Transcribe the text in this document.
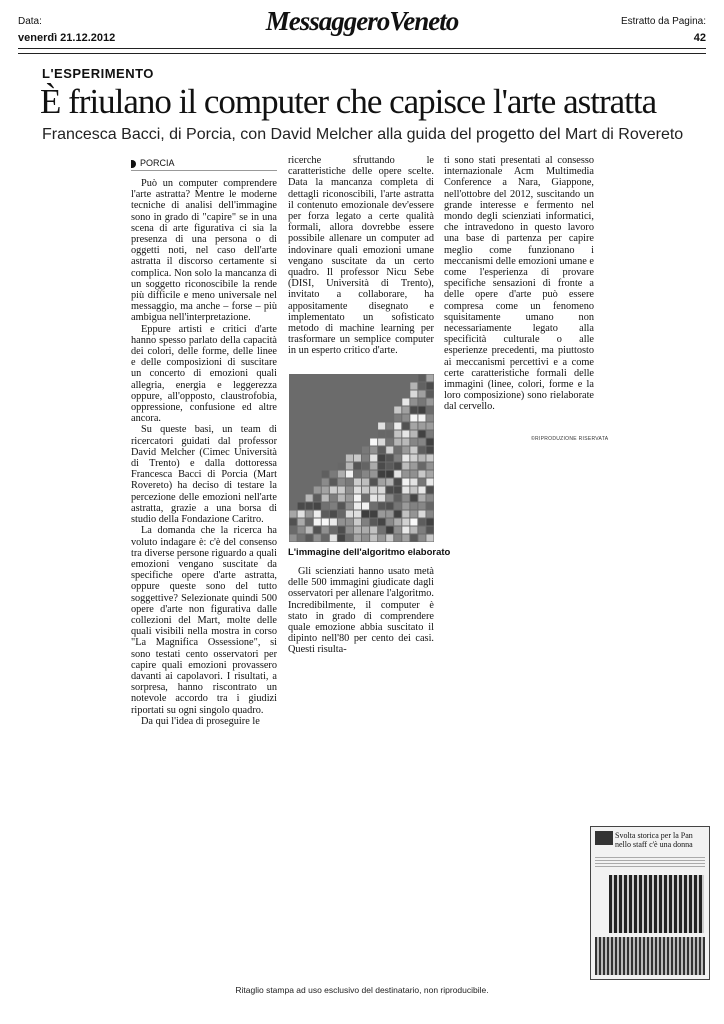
Data:
venerdì 21.12.2012
MessaggeroVeneto	Estratto da Pagina:
42
L'ESPERIMENTO
È friulano il computer che capisce l'arte astratta
Francesca Bacci, di Porcia, con David Melcher alla guida del progetto del Mart di Rovereto
PORCIA

Può un computer comprendere l'arte astratta? Mentre le moderne tecniche di analisi dell'immagine sono in grado di "capire" se in una scena di arte figurativa ci sia la presenza di una persona o di oggetti noti, nel caso dell'arte astratta il discorso certamente si complica. Non solo la mancanza di un soggetto riconoscibile la rende più difficile e meno universale nel messaggio, ma anche – forse – più ambigua nell'interpretazione.

Eppure artisti e critici d'arte hanno spesso parlato della capacità dei colori, delle forme, delle linee e delle composizioni di suscitare un concerto di emozioni quali allegria, energia e leggerezza oppure, all'opposto, claustrofobia, oppressione, confusione ed altre ancora.

Su queste basi, un team di ricercatori guidati dal professor David Melcher (Cimec Università di Trento) e dalla dottoressa Francesca Bacci di Porcia (Mart Rovereto) ha deciso di testare la percezione delle emozioni nell'arte astratta, grazie a una borsa di studio della Fondazione Caritro.

La domanda che la ricerca ha voluto indagare è: c'è del consenso tra diverse persone riguardo a quali emozioni vengano suscitate da specifiche opere d'arte astratta, oppure queste sono del tutto soggettive? Selezionate quindi 500 opere d'arte non figurativa dalle collezioni del Mart, molte delle quali visibili nella mostra in corso "La Magnifica Ossessione", si sono testati cento osservatori per capire quali emozioni provassero davanti ai capolavori. I risultati, a sorpresa, hanno riscontrato un notevole accordo tra i giudizi riportati su ogni singolo quadro.

Da qui l'idea di proseguire le

ricerche sfruttando le caratteristiche delle opere scelte. Data la mancanza completa di dettagli riconoscibili, l'arte astratta il contenuto emozionale dev'essere per forza legato a certe qualità formali, allora dovrebbe essere possibile allenare un computer ad indovinare quali emozioni umane vengano suscitate da un certo quadro. Il professor Nicu Sebe (DISI, Università di Trento), invitato a collaborare, ha appositamente disegnato e implementato un sofisticato metodo di machine learning per trasformare un semplice computer in un esperto critico d'arte.

L'immagine dell'algoritmo elaborato

Gli scienziati hanno usato metà delle 500 immagini giudicate dagli osservatori per allenare l'algoritmo. Incredibilmente, il computer è stato in grado di comprendere quale emozione abbia suscitato il dipinto nell'80 per cento dei casi. Questi risulta-

ti sono stati presentati al consesso internazionale Acm Multimedia Conference a Nara, Giappone, nell'ottobre del 2012, suscitando un grande interesse e fermento nel mondo degli scienziati informatici, che intravedono in questo lavoro una base di partenza per capire meglio come funzionano i meccanismi delle emozioni umane e come l'esperienza di provare specifiche sensazioni di fronte a delle opere d'arte può essere compresa come un fenomeno squisitamente umano non necessariamente legato alla specificità culturale o alle esperienze precedenti, ma piuttosto ai meccanismi percettivi e a come certe caratteristiche formali delle immagini (linee, colori, forme e la loro composizione) sono rielaborate dal cervello.

©RIPRODUZIONE RISERVATA
Svolta storica per la Pan nello staff c'è una donna
Ritaglio stampa ad uso esclusivo del destinatario, non riproducibile.
